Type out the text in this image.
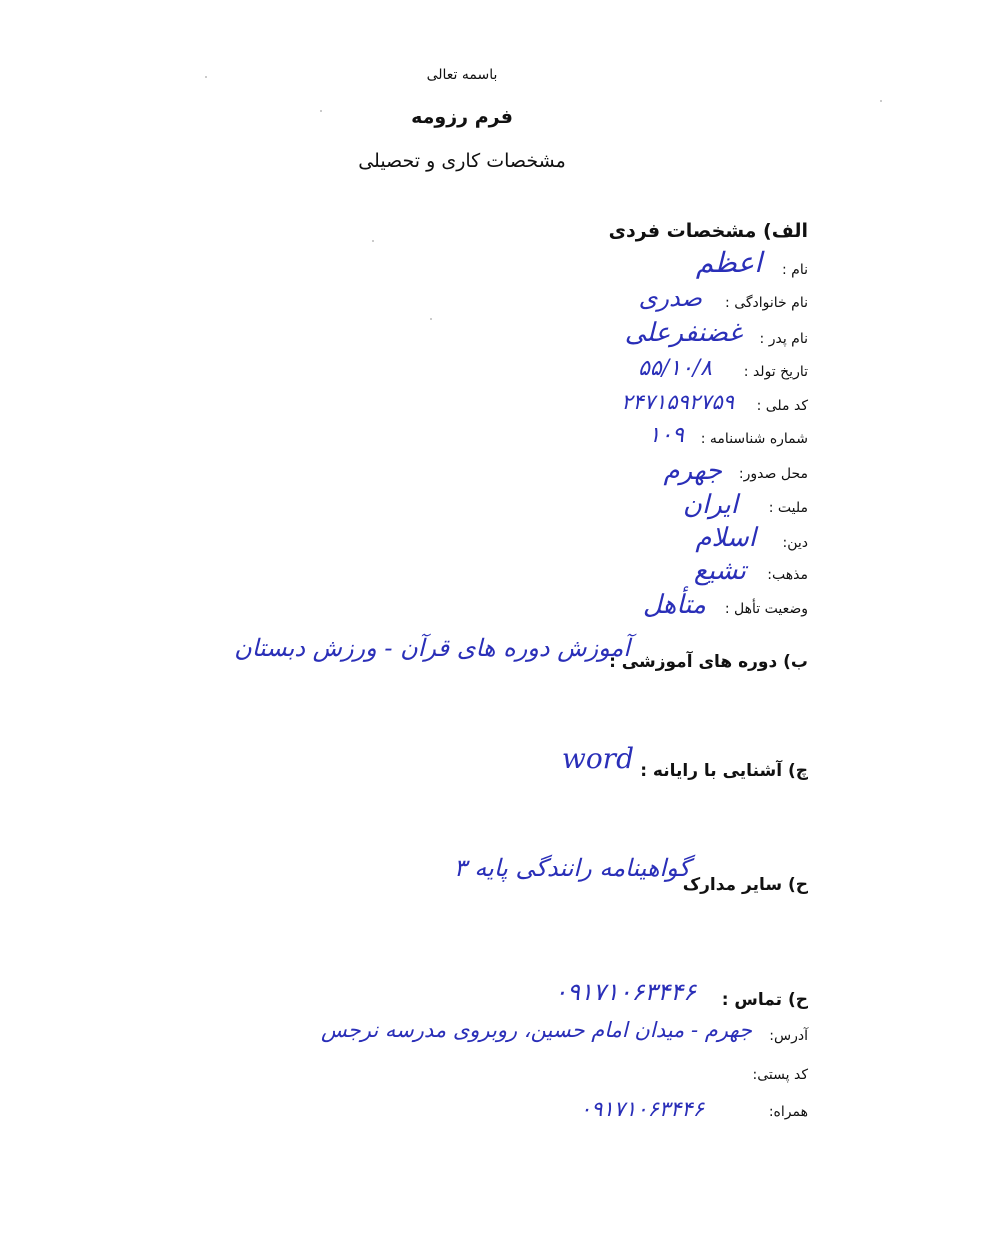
باسمه تعالی
فرم رزومه
مشخصات کاری و تحصیلی
الف) مشخصات فردی
نام :
اعظم
نام خانوادگی :
صدری
نام پدر :
غضنفرعلی
تاریخ تولد :
۵۵/۱۰/۸
کد ملی :
۲۴۷۱۵۹۲۷۵۹
شماره شناسنامه :
۱۰۹
محل صدور:
جهرم
ملیت :
ایران
دین:
اسلام
مذهب:
تشیع
وضعیت تأهل :
متأهل
ب) دوره های آموزشی :
آموزش دوره های قرآن - ورزش دبستان
چ) آشنایی با رایانه :
word
ح) سایر مدارک
گواهینامه رانندگی پایه ۳
ح) تماس :
۰۹۱۷۱۰۶۳۴۴۶
آدرس:
جهرم - میدان امام حسین، روبروی مدرسه نرجس
کد پستی:
همراه:
۰۹۱۷۱۰۶۳۴۴۶
